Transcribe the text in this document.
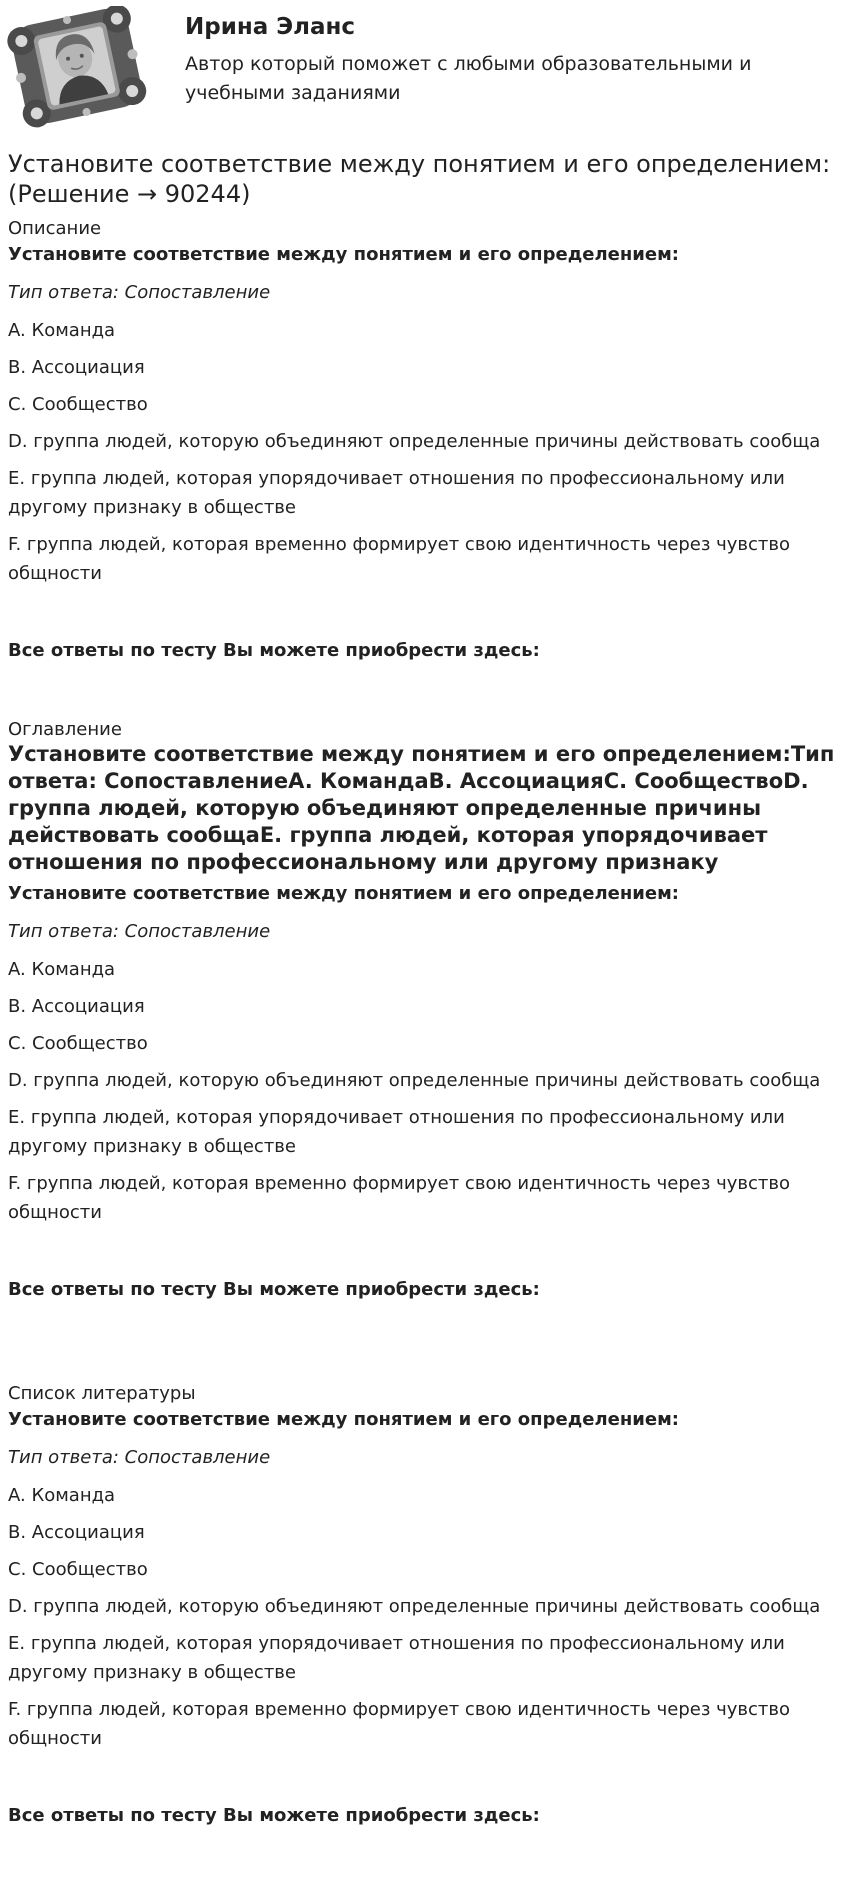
Ирина Эланс
Автор который поможет с любыми образовательными и учебными заданиями
Установите соответствие между понятием и его определением: (Решение → 90244)
Описание
Установите соответствие между понятием и его определением:
Тип ответа: Сопоставление
A. Команда
B. Ассоциация
C. Сообщество
D. группа людей, которую объединяют определенные причины действовать сообща
E. группа людей, которая упорядочивает отношения по профессиональному или другому признаку в обществе
F. группа людей, которая временно формирует свою идентичность через чувство общности
Все ответы по тесту Вы можете приобрести здесь:
Оглавление
Установите соответствие между понятием и его определением:Тип ответа: СопоставлениеA. КомандаB. АссоциацияC. СообществоD. группа людей, которую объединяют определенные причины действовать сообщаE. группа людей, которая упорядочивает отношения по профессиональному или другому признаку
Установите соответствие между понятием и его определением:
Тип ответа: Сопоставление
A. Команда
B. Ассоциация
C. Сообщество
D. группа людей, которую объединяют определенные причины действовать сообща
E. группа людей, которая упорядочивает отношения по профессиональному или другому признаку в обществе
F. группа людей, которая временно формирует свою идентичность через чувство общности
Все ответы по тесту Вы можете приобрести здесь:
Список литературы
Установите соответствие между понятием и его определением:
Тип ответа: Сопоставление
A. Команда
B. Ассоциация
C. Сообщество
D. группа людей, которую объединяют определенные причины действовать сообща
E. группа людей, которая упорядочивает отношения по профессиональному или другому признаку в обществе
F. группа людей, которая временно формирует свою идентичность через чувство общности
Все ответы по тесту Вы можете приобрести здесь:
